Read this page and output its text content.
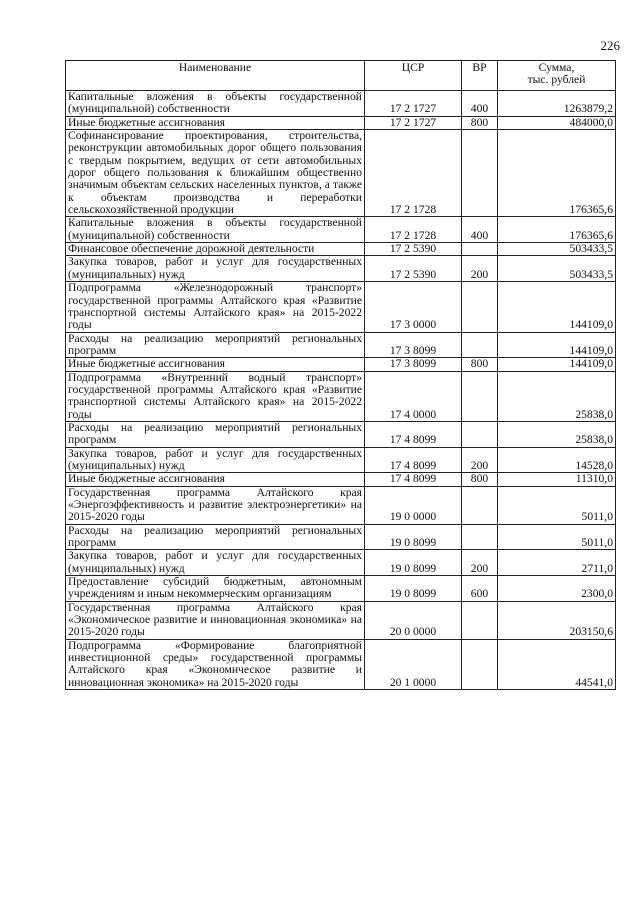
226
Наименование	ЦСР	ВР	Сумма,
тыс. рублей
Капитальные вложения в объекты государственной (муниципальной) собственности	17 2 1727	400	1263879,2
Иные бюджетные ассигнования	17 2 1727	800	484000,0
Софинансирование проектирования, строительства, реконструкции автомобильных дорог общего пользования с твердым покрытием, ведущих от сети автомобильных дорог общего пользования к ближайшим общественно значимым объектам сельских населенных пунктов, а также к объектам производства и переработки сельскохозяйственной продукции	17 2 1728		176365,6
Капитальные вложения в объекты государственной (муниципальной) собственности	17 2 1728	400	176365,6
Финансовое обеспечение дорожной деятельности	17 2 5390		503433,5
Закупка товаров, работ и услуг для государственных (муниципальных) нужд	17 2 5390	200	503433,5
Подпрограмма «Железнодорожный транспорт» государственной программы Алтайского края «Развитие транспортной системы Алтайского края» на 2015-2022 годы	17 3 0000		144109,0
Расходы на реализацию мероприятий региональных программ	17 3 8099		144109,0
Иные бюджетные ассигнования	17 3 8099	800	144109,0
Подпрограмма «Внутренний водный транспорт» государственной программы Алтайского края «Развитие транспортной системы Алтайского края» на 2015-2022 годы	17 4 0000		25838,0
Расходы на реализацию мероприятий региональных программ	17 4 8099		25838,0
Закупка товаров, работ и услуг для государственных (муниципальных) нужд	17 4 8099	200	14528,0
Иные бюджетные ассигнования	17 4 8099	800	11310,0
Государственная программа Алтайского края «Энергоэффективность и развитие электроэнергетики» на 2015-2020 годы	19 0 0000		5011,0
Расходы на реализацию мероприятий региональных программ	19 0 8099		5011,0
Закупка товаров, работ и услуг для государственных (муниципальных) нужд	19 0 8099	200	2711,0
Предоставление субсидий бюджетным, автономным учреждениям и иным некоммерческим организациям	19 0 8099	600	2300,0
Государственная программа Алтайского края «Экономическое развитие и инновационная экономика» на 2015-2020 годы	20 0 0000		203150,6
Подпрограмма «Формирование благоприятной инвестиционной среды» государственной программы Алтайского края «Экономическое развитие и инновационная экономика» на 2015-2020 годы	20 1 0000		44541,0
